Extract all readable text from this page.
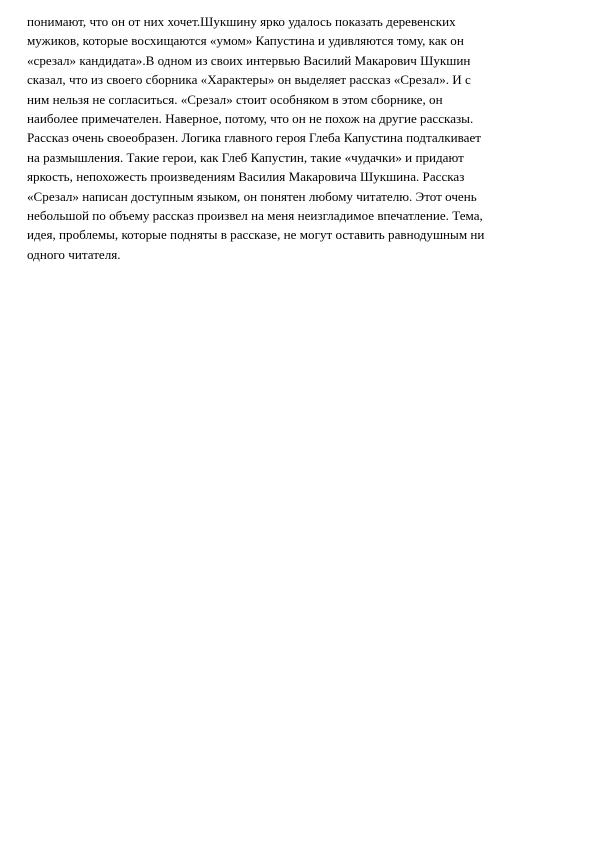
понимают, что он от них хочет.Шукшину ярко удалось показать деревенских
мужиков, которые восхищаются «умом» Капустина и удивляются тому, как он
«срезал» кандидата».В одном из своих интервью Василий Макарович Шукшин
сказал, что из своего сборника «Характеры» он выделяет рассказ «Срезал». И с
ним нельзя не согласиться. «Срезал» стоит особняком в этом сборнике, он
наиболее примечателен. Наверное, потому, что он не похож на другие рассказы.
Рассказ очень своеобразен. Логика главного героя Глеба Капустина подталкивает
на размышления. Такие герои, как Глеб Капустин, такие «чудачки» и придают
яркость, непохожесть произведениям Василия Макаровича Шукшина. Рассказ
«Срезал» написан доступным языком, он понятен любому читателю. Этот очень
небольшой по объему рассказ произвел на меня неизгладимое впечатление. Тема,
идея, проблемы, которые подняты в рассказе, не могут оставить равнодушным ни
одного читателя.
